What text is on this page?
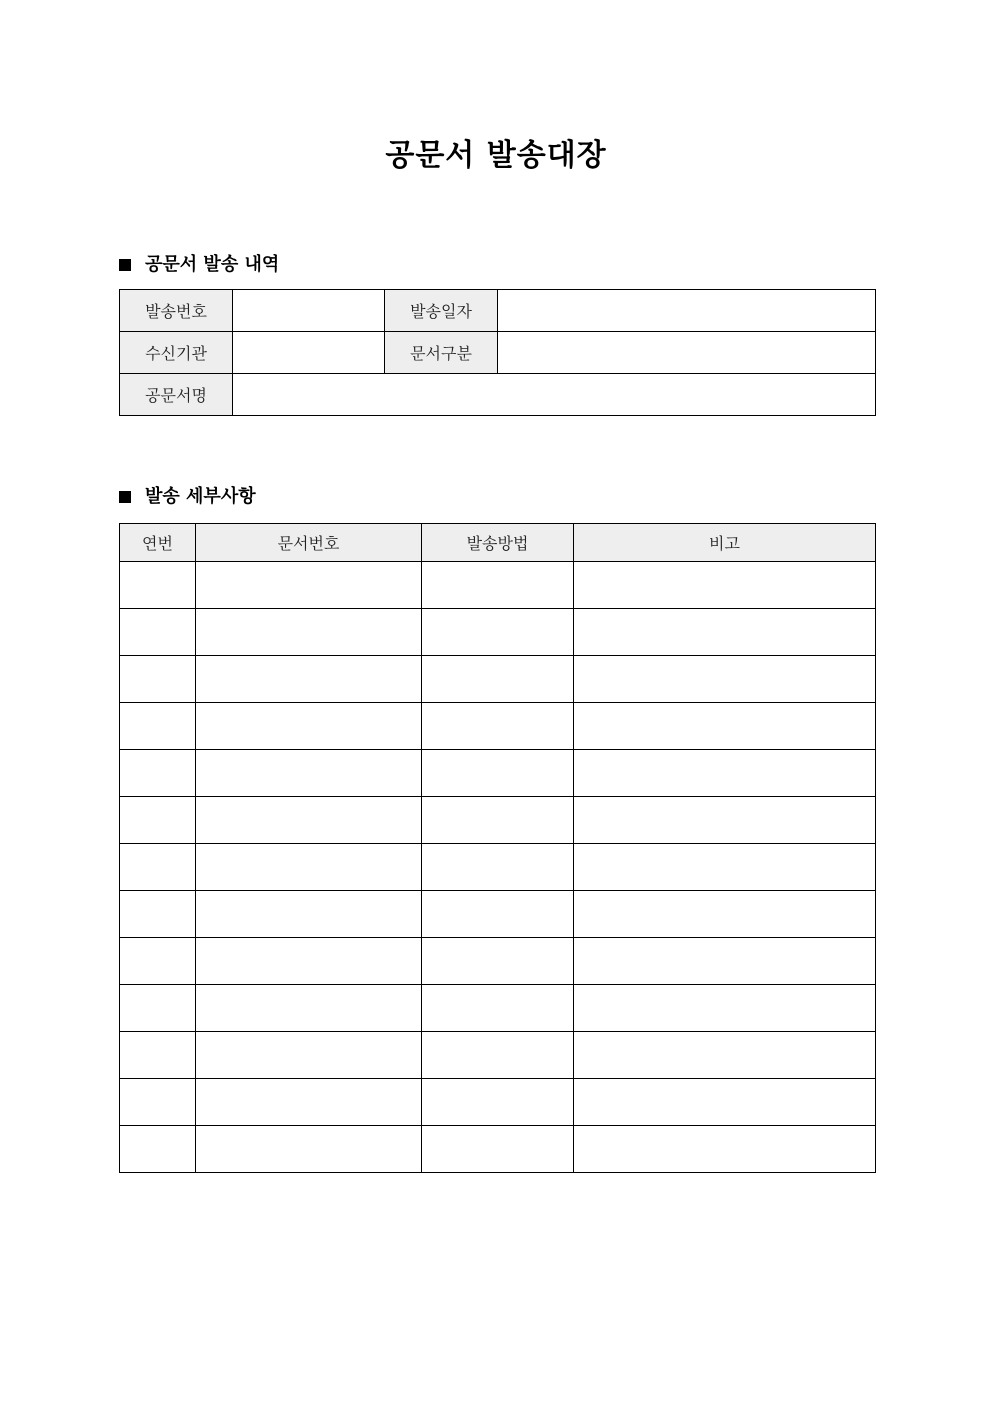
공문서 발송대장
공문서 발송 내역
발송번호		발송일자	
수신기관		문서구분	
공문서명			
발송 세부사항
연번	문서번호	발송방법	비고
